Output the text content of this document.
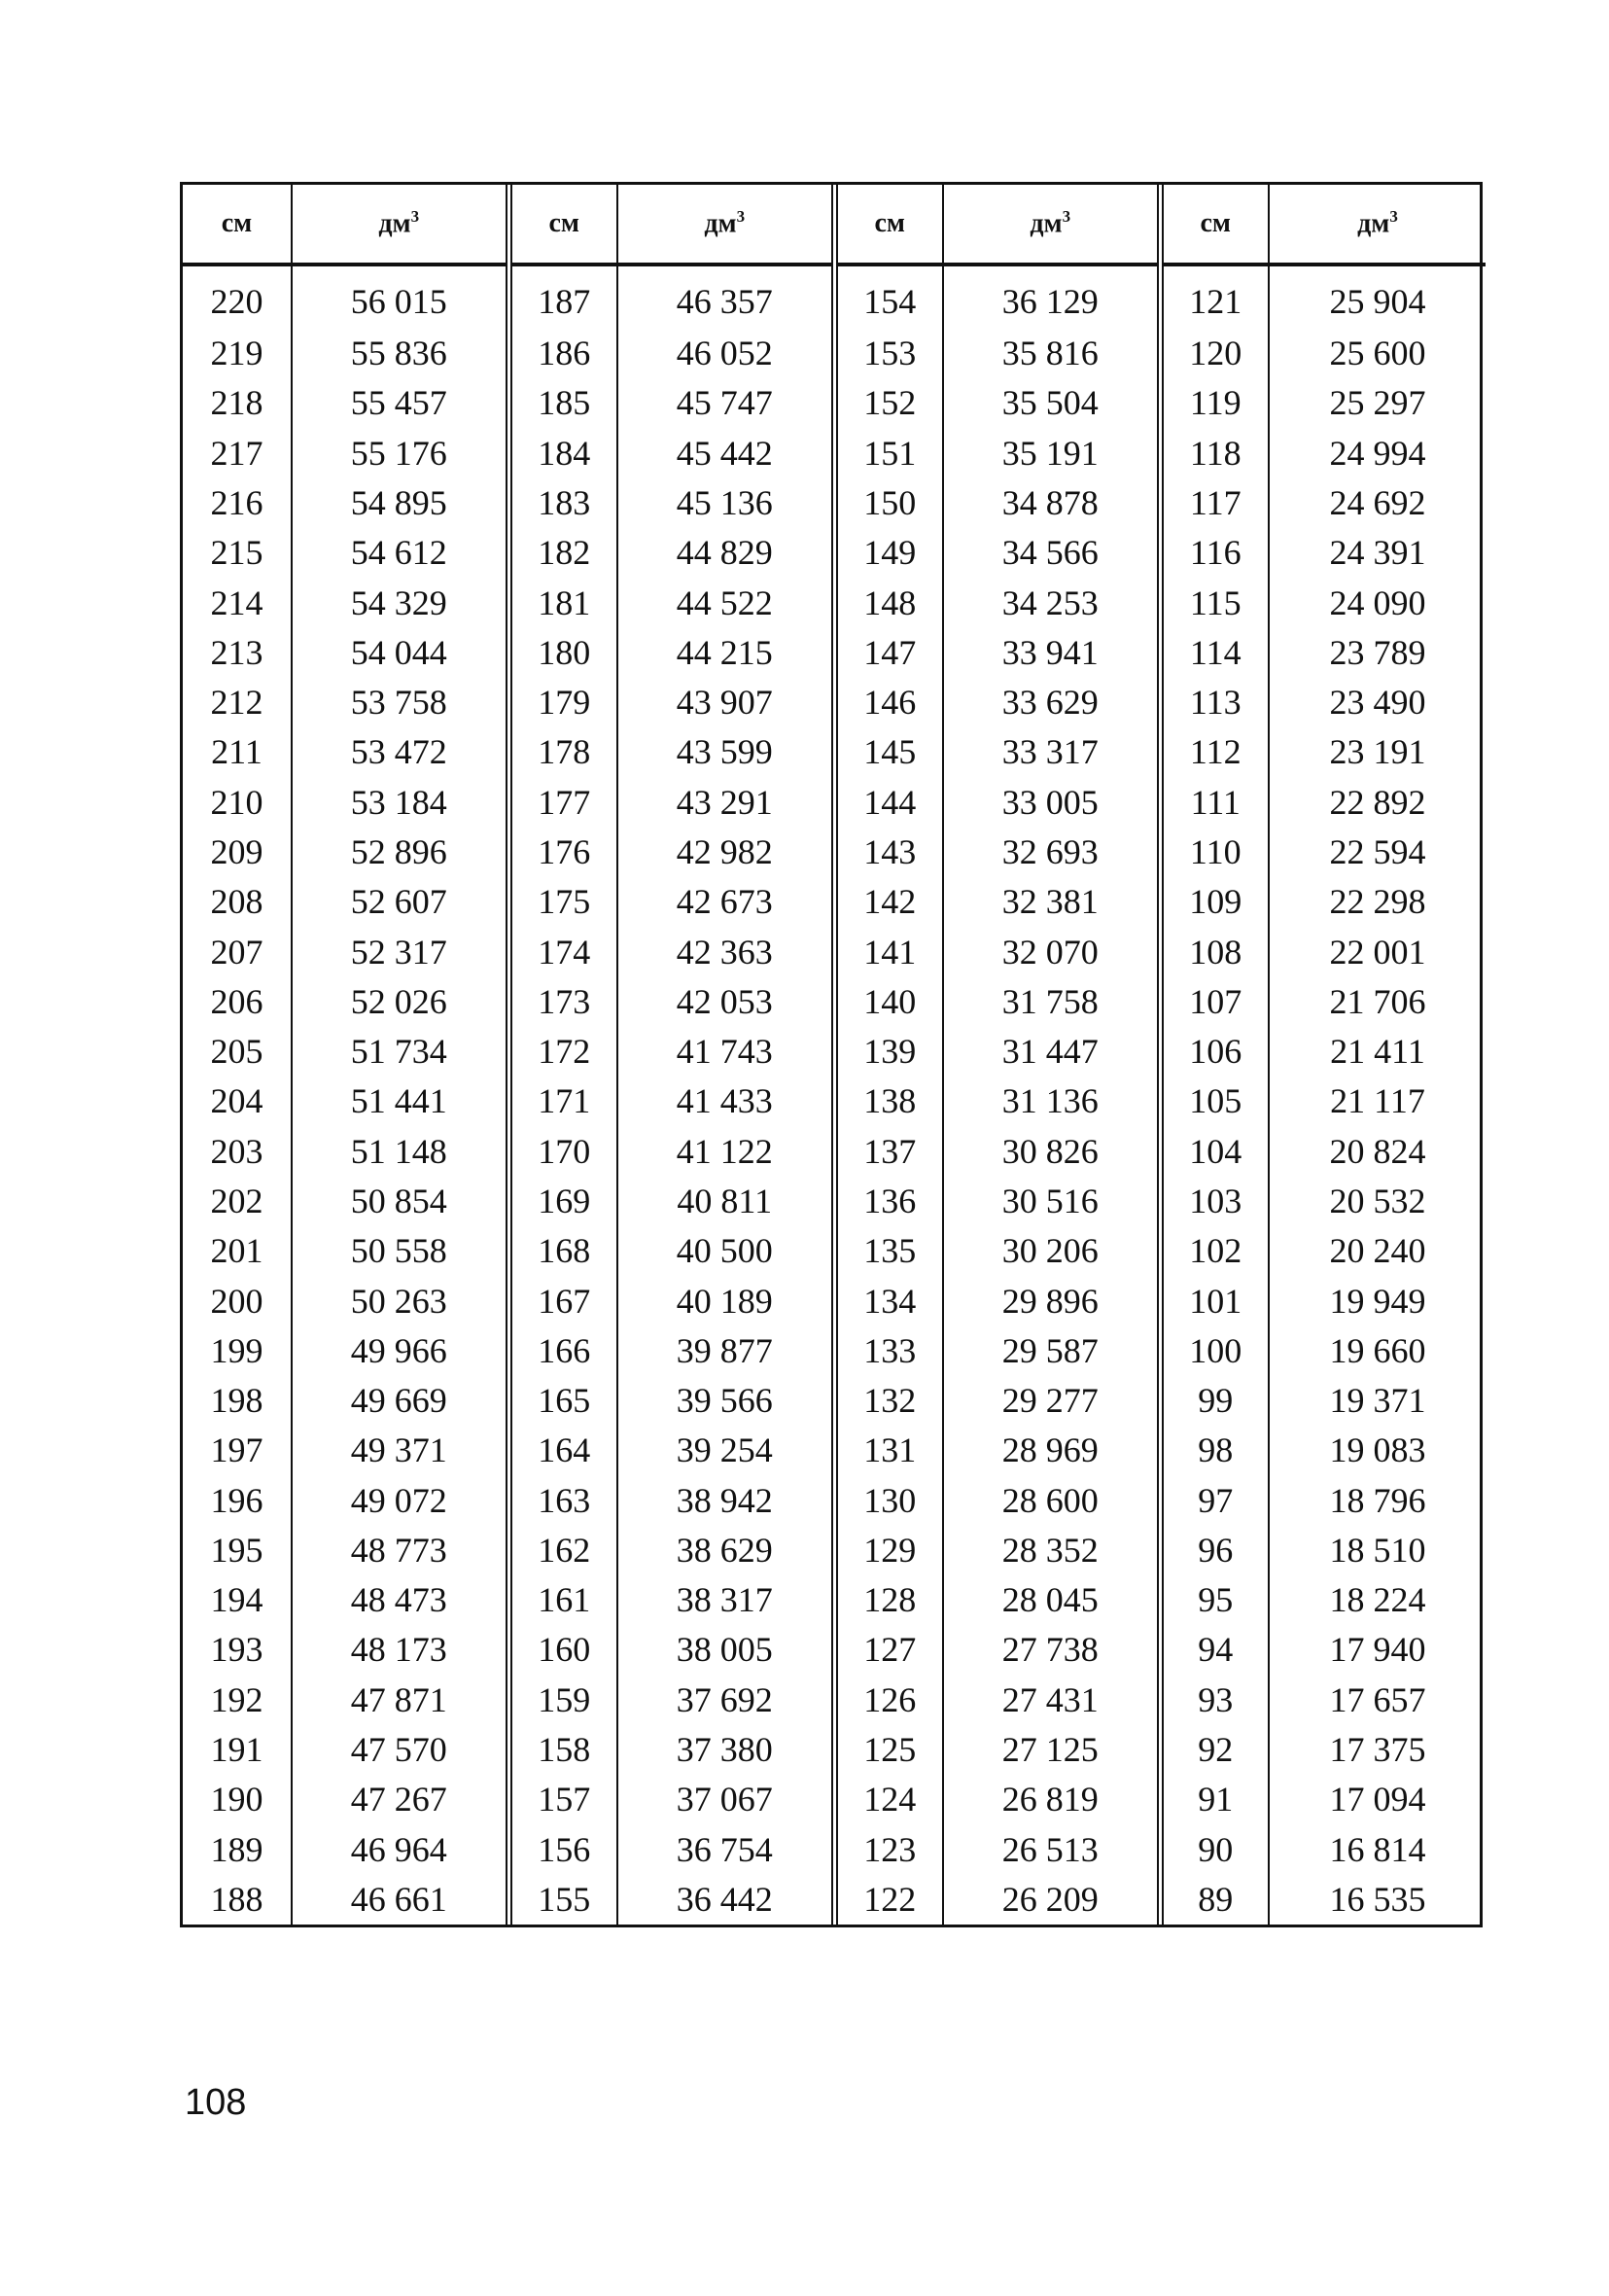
см	$дм^3$	см	$дм^3$	см	$дм^3$	см	$дм^3$
220	56 015	187	46 357	154	36 129	121	25 904
219	55 836	186	46 052	153	35 816	120	25 600
218	55 457	185	45 747	152	35 504	119	25 297
217	55 176	184	45 442	151	35 191	118	24 994
216	54 895	183	45 136	150	34 878	117	24 692
215	54 612	182	44 829	149	34 566	116	24 391
214	54 329	181	44 522	148	34 253	115	24 090
213	54 044	180	44 215	147	33 941	114	23 789
212	53 758	179	43 907	146	33 629	113	23 490
211	53 472	178	43 599	145	33 317	112	23 191
210	53 184	177	43 291	144	33 005	111	22 892
209	52 896	176	42 982	143	32 693	110	22 594
208	52 607	175	42 673	142	32 381	109	22 298
207	52 317	174	42 363	141	32 070	108	22 001
206	52 026	173	42 053	140	31 758	107	21 706
205	51 734	172	41 743	139	31 447	106	21 411
204	51 441	171	41 433	138	31 136	105	21 117
203	51 148	170	41 122	137	30 826	104	20 824
202	50 854	169	40 811	136	30 516	103	20 532
201	50 558	168	40 500	135	30 206	102	20 240
200	50 263	167	40 189	134	29 896	101	19 949
199	49 966	166	39 877	133	29 587	100	19 660
198	49 669	165	39 566	132	29 277	99	19 371
197	49 371	164	39 254	131	28 969	98	19 083
196	49 072	163	38 942	130	28 600	97	18 796
195	48 773	162	38 629	129	28 352	96	18 510
194	48 473	161	38 317	128	28 045	95	18 224
193	48 173	160	38 005	127	27 738	94	17 940
192	47 871	159	37 692	126	27 431	93	17 657
191	47 570	158	37 380	125	27 125	92	17 375
190	47 267	157	37 067	124	26 819	91	17 094
189	46 964	156	36 754	123	26 513	90	16 814
188	46 661	155	36 442	122	26 209	89	16 535
108
